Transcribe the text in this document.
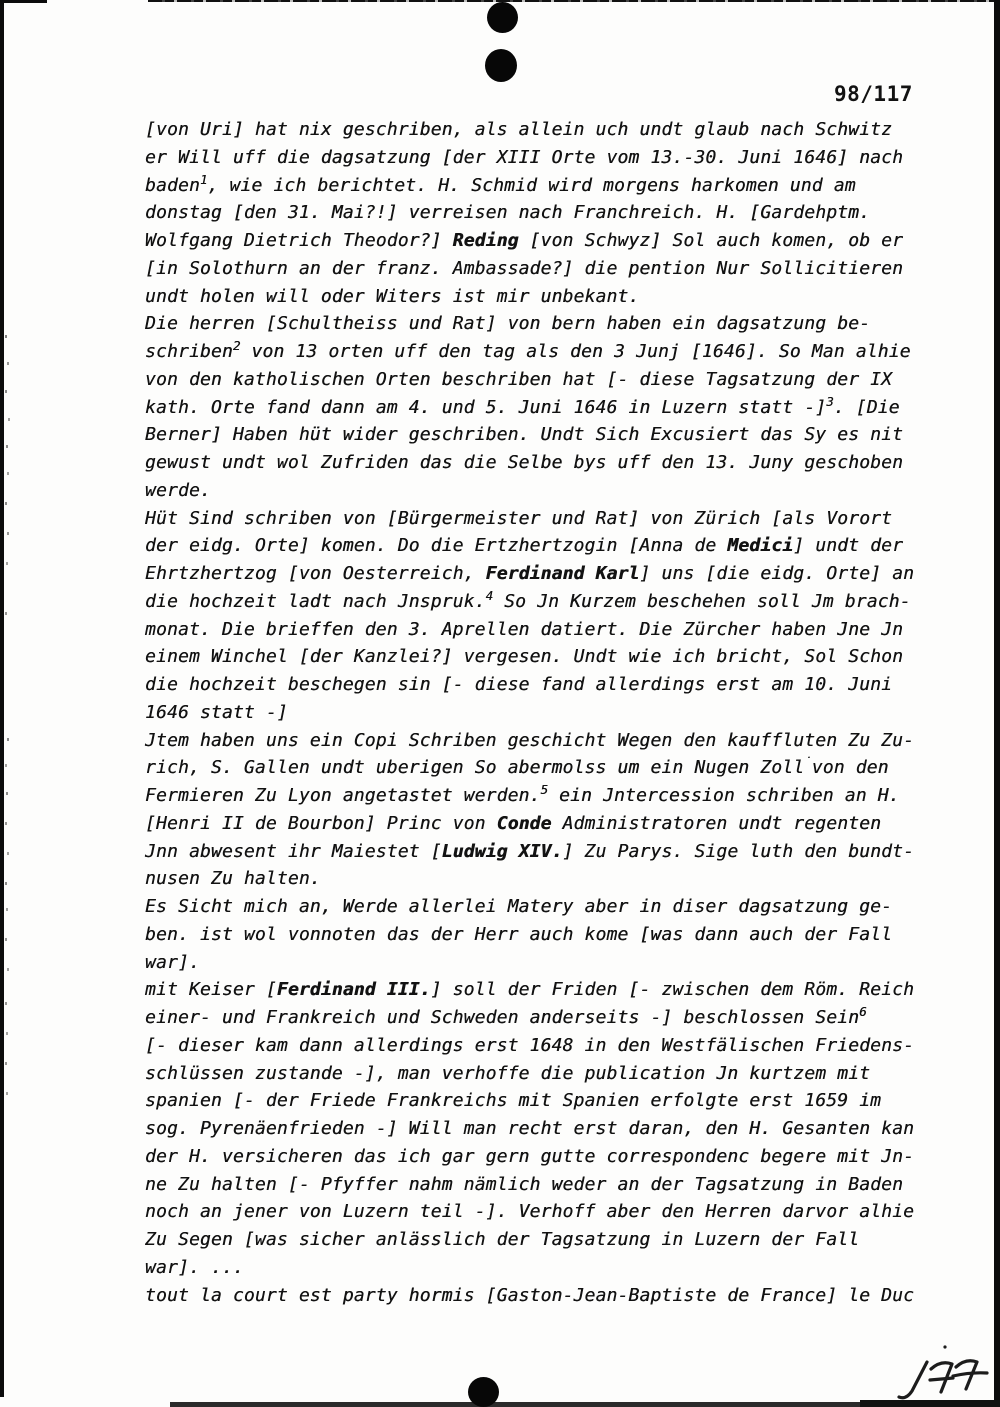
98/117
[von Uri] hat nix geschriben, als allein uch undt glaub nach Schwitz
er Will uff die dagsatzung [der XIII Orte vom 13.-30. Juni 1646] nach
baden$^1$, wie ich berichtet. H. Schmid wird morgens harkomen und am
donstag [den 31. Mai?!] verreisen nach Franchreich. H. [Gardehptm.
Wolfgang Dietrich Theodor?] Reding [von Schwyz] Sol auch komen, ob er
[in Solothurn an der franz. Ambassade?] die pention Nur Sollicitieren
undt holen will oder Witers ist mir unbekant.
Die herren [Schultheiss und Rat] von bern haben ein dagsatzung be-
schriben$^2$ von 13 orten uff den tag als den 3 Junj [1646]. So Man alhie
von den katholischen Orten beschriben hat [- diese Tagsatzung der IX
kath. Orte fand dann am 4. und 5. Juni 1646 in Luzern statt -]$^3$. [Die
Berner] Haben hüt wider geschriben. Undt Sich Excusiert das Sy es nit
gewust undt wol Zufriden das die Selbe bys uff den 13. Juny geschoben
werde.
Hüt Sind schriben von [Bürgermeister und Rat] von Zürich [als Vorort
der eidg. Orte] komen. Do die Ertzhertzogin [Anna de Medici] undt der
Ehrtzhertzog [von Oesterreich, Ferdinand Karl] uns [die eidg. Orte] an
die hochzeit ladt nach Jnspruk.$^4$ So Jn Kurzem beschehen soll Jm brach-
monat. Die brieffen den 3. Aprellen datiert. Die Zürcher haben Jne Jn
einem Winchel [der Kanzlei?] vergesen. Undt wie ich bricht, Sol Schon
die hochzeit beschegen sin [- diese fand allerdings erst am 10. Juni
1646 statt -]
Jtem haben uns ein Copi Schriben geschicht Wegen den kauffluten Zu Zu-
rich, S. Gallen undt uberigen So abermolss um ein Nugen Zoll˙von den
Fermieren Zu Lyon angetastet werden.$^5$ ein Jntercession schriben an H.
[Henri II de Bourbon] Princ von Conde Administratoren undt regenten
Jnn abwesent ihr Maiestet [Ludwig XIV.] Zu Parys. Sige luth den bundt-
nusen Zu halten.
Es Sicht mich an, Werde allerlei Matery aber in diser dagsatzung ge-
ben. ist wol vonnoten das der Herr auch kome [was dann auch der Fall
war].
mit Keiser [Ferdinand III.] soll der Friden [- zwischen dem Röm. Reich
einer- und Frankreich und Schweden anderseits -] beschlossen Sein$^6$
[- dieser kam dann allerdings erst 1648 in den Westfälischen Friedens-
schlüssen zustande -], man verhoffe die publication Jn kurtzem mit
spanien [- der Friede Frankreichs mit Spanien erfolgte erst 1659 im
sog. Pyrenäenfrieden -] Will man recht erst daran, den H. Gesanten kan
der H. versicheren das ich gar gern gutte correspondenc begere mit Jn-
ne Zu halten [- Pfyffer nahm nämlich weder an der Tagsatzung in Baden
noch an jener von Luzern teil -]. Verhoff aber den Herren darvor alhie
Zu Segen [was sicher anlässlich der Tagsatzung in Luzern der Fall
war]. ...
tout la court est party hormis [Gaston-Jean-Baptiste de France] le Duc
